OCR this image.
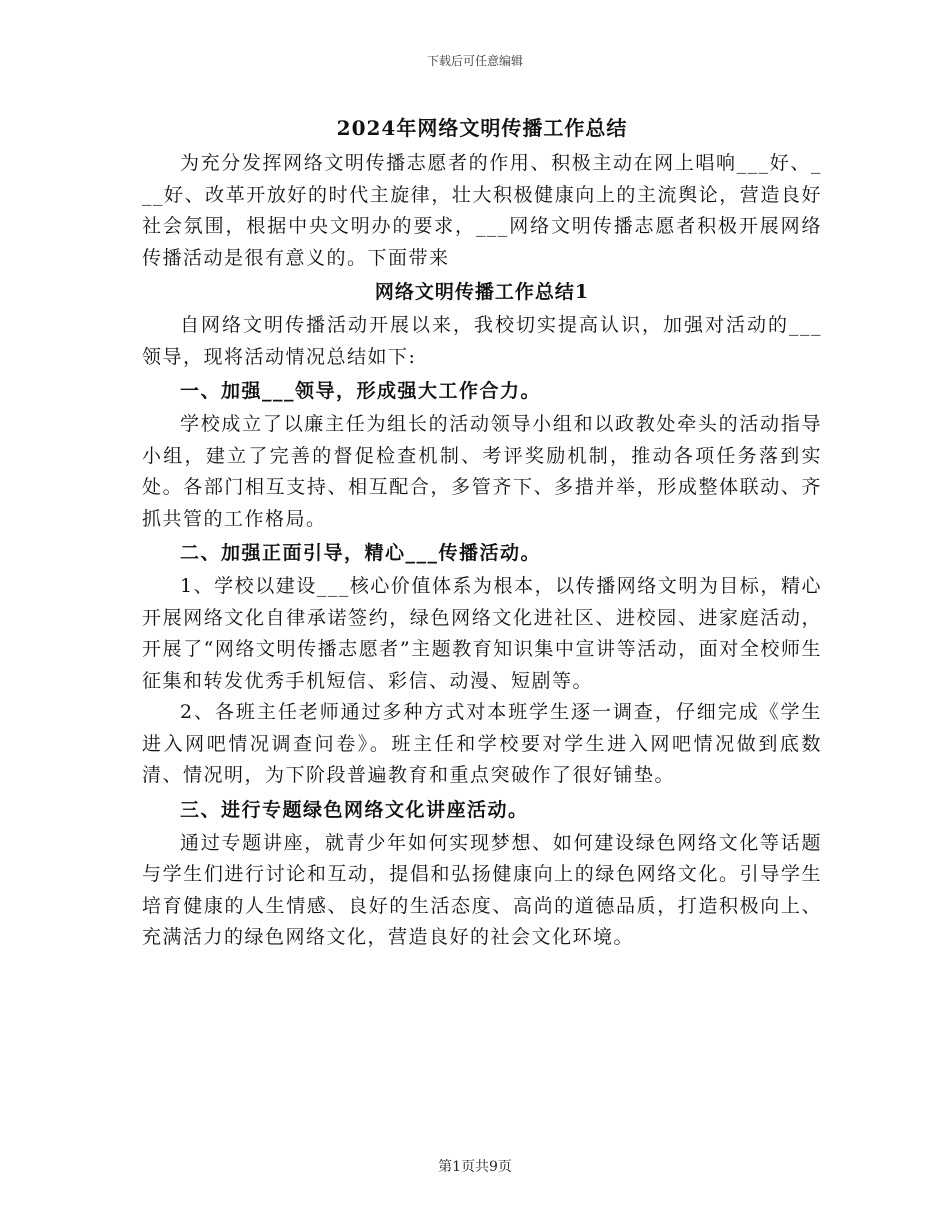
下载后可任意编辑
2024年网络文明传播工作总结

为充分发挥网络文明传播志愿者的作用、积极主动在网上唱响___好、___好、改革开放好的时代主旋律，壮大积极健康向上的主流舆论，营造良好社会氛围，根据中央文明办的要求，___网络文明传播志愿者积极开展网络传播活动是很有意义的。下面带来

网络文明传播工作总结1

自网络文明传播活动开展以来，我校切实提高认识，加强对活动的___领导，现将活动情况总结如下:

一、加强___领导，形成强大工作合力。

学校成立了以廉主任为组长的活动领导小组和以政教处牵头的活动指导小组，建立了完善的督促检查机制、考评奖励机制，推动各项任务落到实处。各部门相互支持、相互配合，多管齐下、多措并举，形成整体联动、齐抓共管的工作格局。

二、加强正面引导，精心___传播活动。

1、学校以建设___核心价值体系为根本，以传播网络文明为目标，精心开展网络文化自律承诺签约，绿色网络文化进社区、进校园、进家庭活动，开展了“网络文明传播志愿者”主题教育知识集中宣讲等活动，面对全校师生征集和转发优秀手机短信、彩信、动漫、短剧等。

2、各班主任老师通过多种方式对本班学生逐一调查，仔细完成《学生进入网吧情况调查问卷》。班主任和学校要对学生进入网吧情况做到底数清、情况明，为下阶段普遍教育和重点突破作了很好铺垫。

三、进行专题绿色网络文化讲座活动。

通过专题讲座，就青少年如何实现梦想、如何建设绿色网络文化等话题与学生们进行讨论和互动，提倡和弘扬健康向上的绿色网络文化。引导学生培育健康的人生情感、良好的生活态度、高尚的道德品质，打造积极向上、充满活力的绿色网络文化，营造良好的社会文化环境。

第1页共9页
